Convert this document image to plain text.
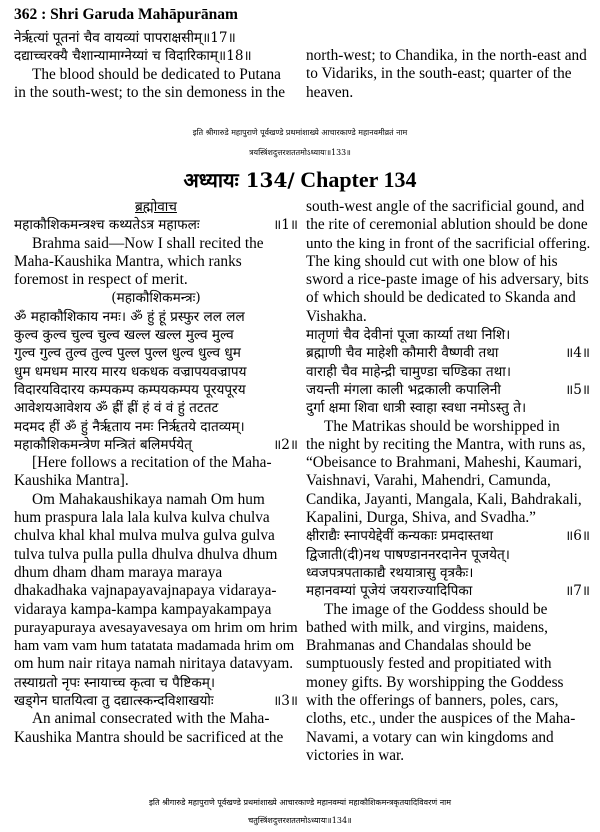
362 : Shri Garuda Mahāpurānam
नेर्ऋत्यां पूतनां चैव वायव्यां पापराक्षसीम्॥17॥
दद्याच्चरक्यै चैशान्यामाग्नेय्यां च विदारिकाम्॥18॥
The blood should be dedicated to Putana
in the south-west; to the sin demoness in the
north-west; to Chandika, in the north-east and
to Vidariks, in the south-east; quarter of the
heaven.
इति श्रीगारुडे महापुराणे पूर्वखण्डे प्रथमांशाख्ये आचारकाण्डे महानवमीव्रतं नाम
त्रयस्त्रिंशदुत्तरशततमोऽध्यायः॥133॥
अध्यायः 134/ Chapter 134
ब्रह्मोवाच
महाकौशिकमन्त्रश्च कथ्यतेऽत्र महाफलः	॥1॥
Brahma said—Now I shall recited the
Maha-Kaushika Mantra, which ranks
foremost in respect of merit.
(महाकौशिकमन्त्रः)
ॐ महाकौशिकाय नमः। ॐ हुं हूं प्रस्फुर लल लल
कुल्व कुल्व चुल्व चुल्व खल्ल खल्ल मुल्व मुल्व
गुल्व गुल्व तुल्व तुल्व पुल्ल पुल्ल धुल्व धुल्व धुम
धुम धमधम मारय मारय धकधक वज्रापयवज्रापय
विदारयविदारय कम्पकम्प कम्पयकम्पय पूरयपूरय
आवेशयआवेशय ॐ ह्रीं ह्रीं हं वं वं हुं तटतट
मदमद हीं ॐ हुं नैर्ऋताय नमः निर्ऋतये दातव्यम्।
महाकौशिकमन्त्रेण मन्त्रितं बलिमर्पयेत्	॥2॥
[Here follows a recitation of the Maha-
Kaushika Mantra].
Om Mahakaushikaya namah Om hum
hum praspura lala lala kulva kulva chulva
chulva khal khal mulva mulva gulva gulva
tulva tulva pulla pulla dhulva dhulva dhum
dhum dham dham maraya maraya
dhakadhaka vajnapayavajnapaya vidaraya-
vidaraya kampa-kampa kampayakampaya
purayapuraya avesayavesaya om hrim om hrim
ham vam vam hum tatatata madamada hrim om
om hum nair ritaya namah niritaya datavyam.
तस्याग्रतो नृपः स्नायाच्च कृत्वा च पैष्टिकम्।
खड्गेन घातयित्वा तु दद्यात्स्कन्दविशाखयोः	॥3॥
An animal consecrated with the Maha-
Kaushika Mantra should be sacrificed at the
south-west angle of the sacrificial gound, and
the rite of ceremonial ablution should be done
unto the king in front of the sacrificial offering.
The king should cut with one blow of his
sword a rice-paste image of his adversary, bits
of which should be dedicated to Skanda and
Vishakha.
मातृणां चैव देवीनां पूजा कार्य्या तथा निशि।
ब्रह्माणी चैव माहेशी कौमारी वैष्णवी तथा	॥4॥
वाराही चैव माहेन्द्री चामुण्डा चण्डिका तथा।
जयन्ती मंगला काली भद्रकाली कपालिनी	॥5॥
दुर्गा क्षमा शिवा धात्री स्वाहा स्वधा नमोऽस्तु ते।
The Matrikas should be worshipped in
the night by reciting the Mantra, with runs as,
“Obeisance to Brahmani, Maheshi, Kaumari,
Vaishnavi, Varahi, Mahendri, Camunda,
Candika, Jayanti, Mangala, Kali, Bahdrakali,
Kapalini, Durga, Shiva, and Svadha.”
क्षीराद्यैः स्नापयेद्देवीं कन्यकाः प्रमदास्तथा	॥6॥
द्विजाती(दी)नथ पाषण्डाननरदानेन पूजयेत्।
ध्वजपत्रपताकाद्यै रथयात्रासु वृत्रकैः।
महानवम्यां पूजेयं जयराज्यादिपिका	॥7॥
The image of the Goddess should be
bathed with milk, and virgins, maidens,
Brahmanas and Chandalas should be
sumptuously fested and propitiated with
money gifts. By worshipping the Goddess
with the offerings of banners, poles, cars,
cloths, etc., under the auspices of the Maha-
Navami, a votary can win kingdoms and
victories in war.
इति श्रीगारुडे महापुराणे पूर्वखण्डे प्रथमांशाख्ये आचारकाण्डे महानवम्यां महाकौशिकमन्त्रकृतयादिविवरणं नाम
चतुस्त्रिंशदुत्तरशततमोऽध्यायः॥134॥
